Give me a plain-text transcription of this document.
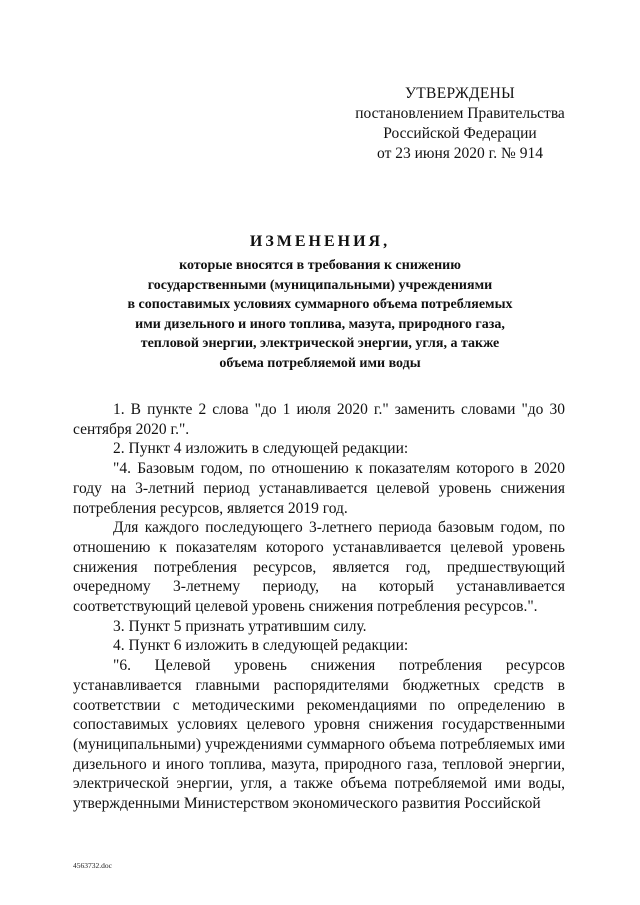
УТВЕРЖДЕНЫ
постановлением Правительства
Российской Федерации
от 23 июня 2020 г. № 914
ИЗМЕНЕНИЯ,
которые вносятся в требования к снижению
государственными (муниципальными) учреждениями
в сопоставимых условиях суммарного объема потребляемых
ими дизельного и иного топлива, мазута, природного газа,
тепловой энергии, электрической энергии, угля, а также
объема потребляемой ими воды

1. В пункте 2 слова "до 1 июля 2020 г." заменить словами "до 30 сентября 2020 г.".

2. Пункт 4 изложить в следующей редакции:

"4. Базовым годом, по отношению к показателям которого в 2020 году на 3-летний период устанавливается целевой уровень снижения потребления ресурсов, является 2019 год.

Для каждого последующего 3-летнего периода базовым годом, по отношению к показателям которого устанавливается целевой уровень снижения потребления ресурсов, является год, предшествующий очередному 3-летнему периоду, на который устанавливается соответствующий целевой уровень снижения потребления ресурсов.".

3. Пункт 5 признать утратившим силу.

4. Пункт 6 изложить в следующей редакции:

"6. Целевой уровень снижения потребления ресурсов устанавливается главными распорядителями бюджетных средств в соответствии с методическими рекомендациями по определению в сопоставимых условиях целевого уровня снижения государственными (муниципальными) учреждениями суммарного объема потребляемых ими дизельного и иного топлива, мазута, природного газа, тепловой энергии, электрической энергии, угля, а также объема потребляемой ими воды, утвержденными Министерством экономического развития Российской

4563732.doc
